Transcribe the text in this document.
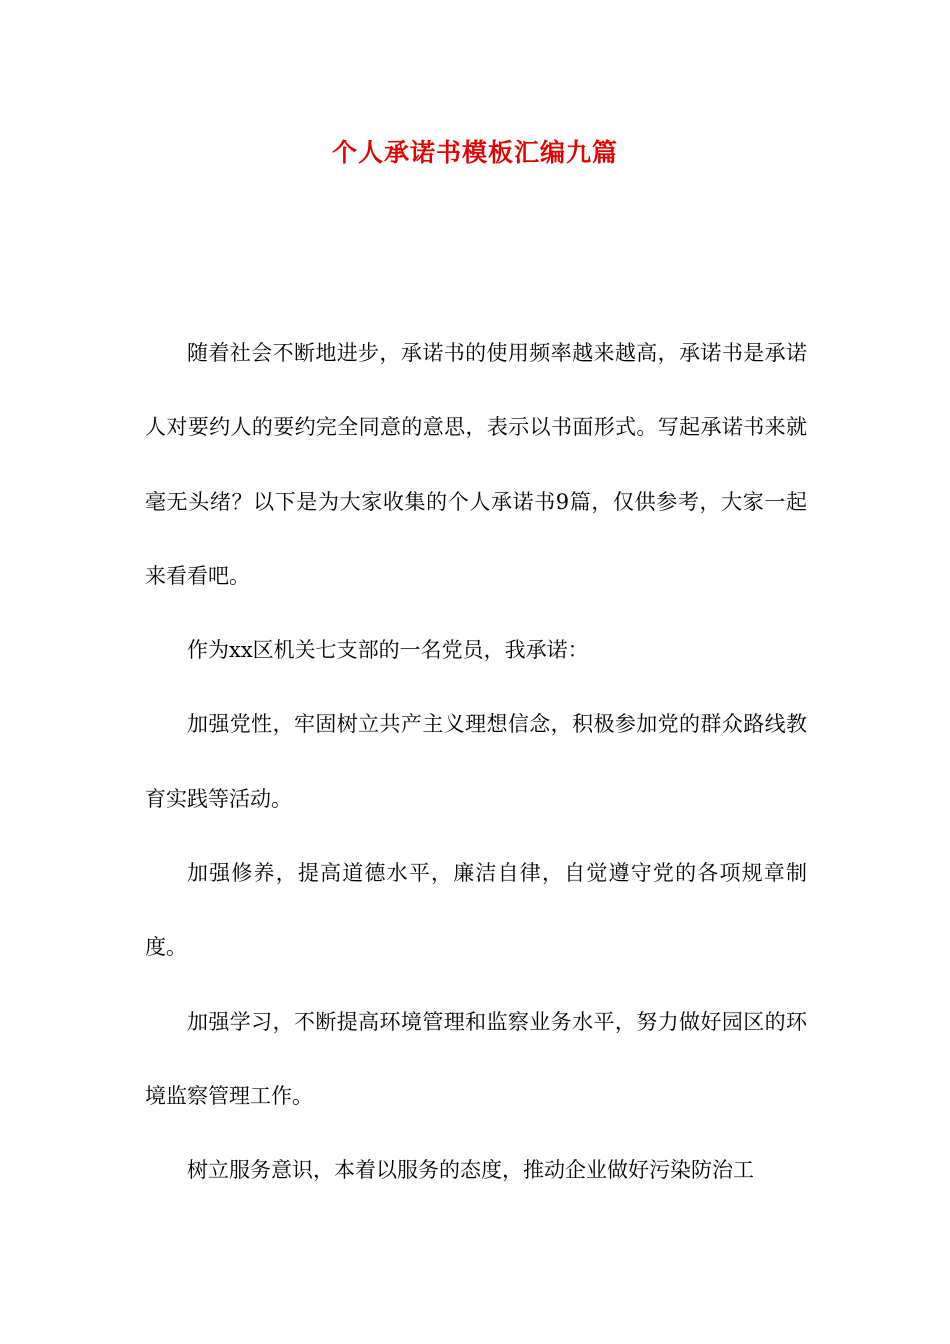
个人承诺书模板汇编九篇

随着社会不断地进步，承诺书的使用频率越来越高，承诺书是承诺人对要约人的要约完全同意的意思，表示以书面形式。写起承诺书来就毫无头绪？以下是为大家收集的个人承诺书9篇，仅供参考，大家一起来看看吧。

作为xx区机关七支部的一名党员，我承诺：

加强党性，牢固树立共产主义理想信念，积极参加党的群众路线教育实践等活动。

加强修养，提高道德水平，廉洁自律，自觉遵守党的各项规章制度。

加强学习，不断提高环境管理和监察业务水平，努力做好园区的环境监察管理工作。

树立服务意识，本着以服务的态度，推动企业做好污染防治工
